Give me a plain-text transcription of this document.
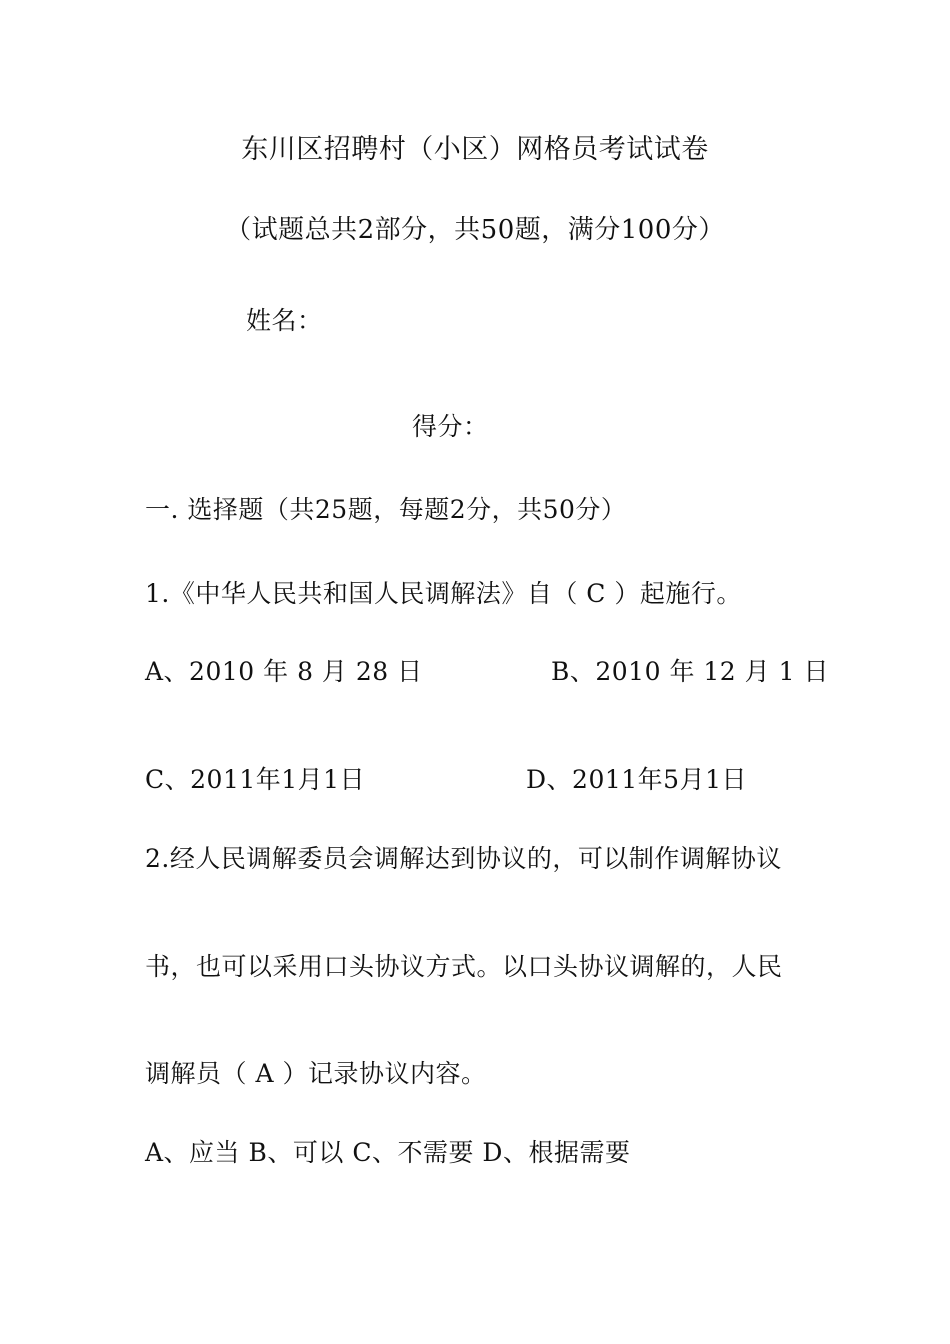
东川区招聘村（小区）网格员考试试卷
（试题总共2部分，共50题，满分100分）
姓名：
得分：
一. 选择题（共25题，每题2分，共50分）
1.《中华人民共和国人民调解法》自（ C ）起施行。
A、2010 年 8 月 28 日	B、2010 年 12 月 1 日
C、2011年1月1日	D、2011年5月1日
2.经人民调解委员会调解达到协议的，可以制作调解协议
书，也可以采用口头协议方式。以口头协议调解的，人民
调解员（ A ）记录协议内容。
A、应当 B、可以 C、不需要 D、根据需要
